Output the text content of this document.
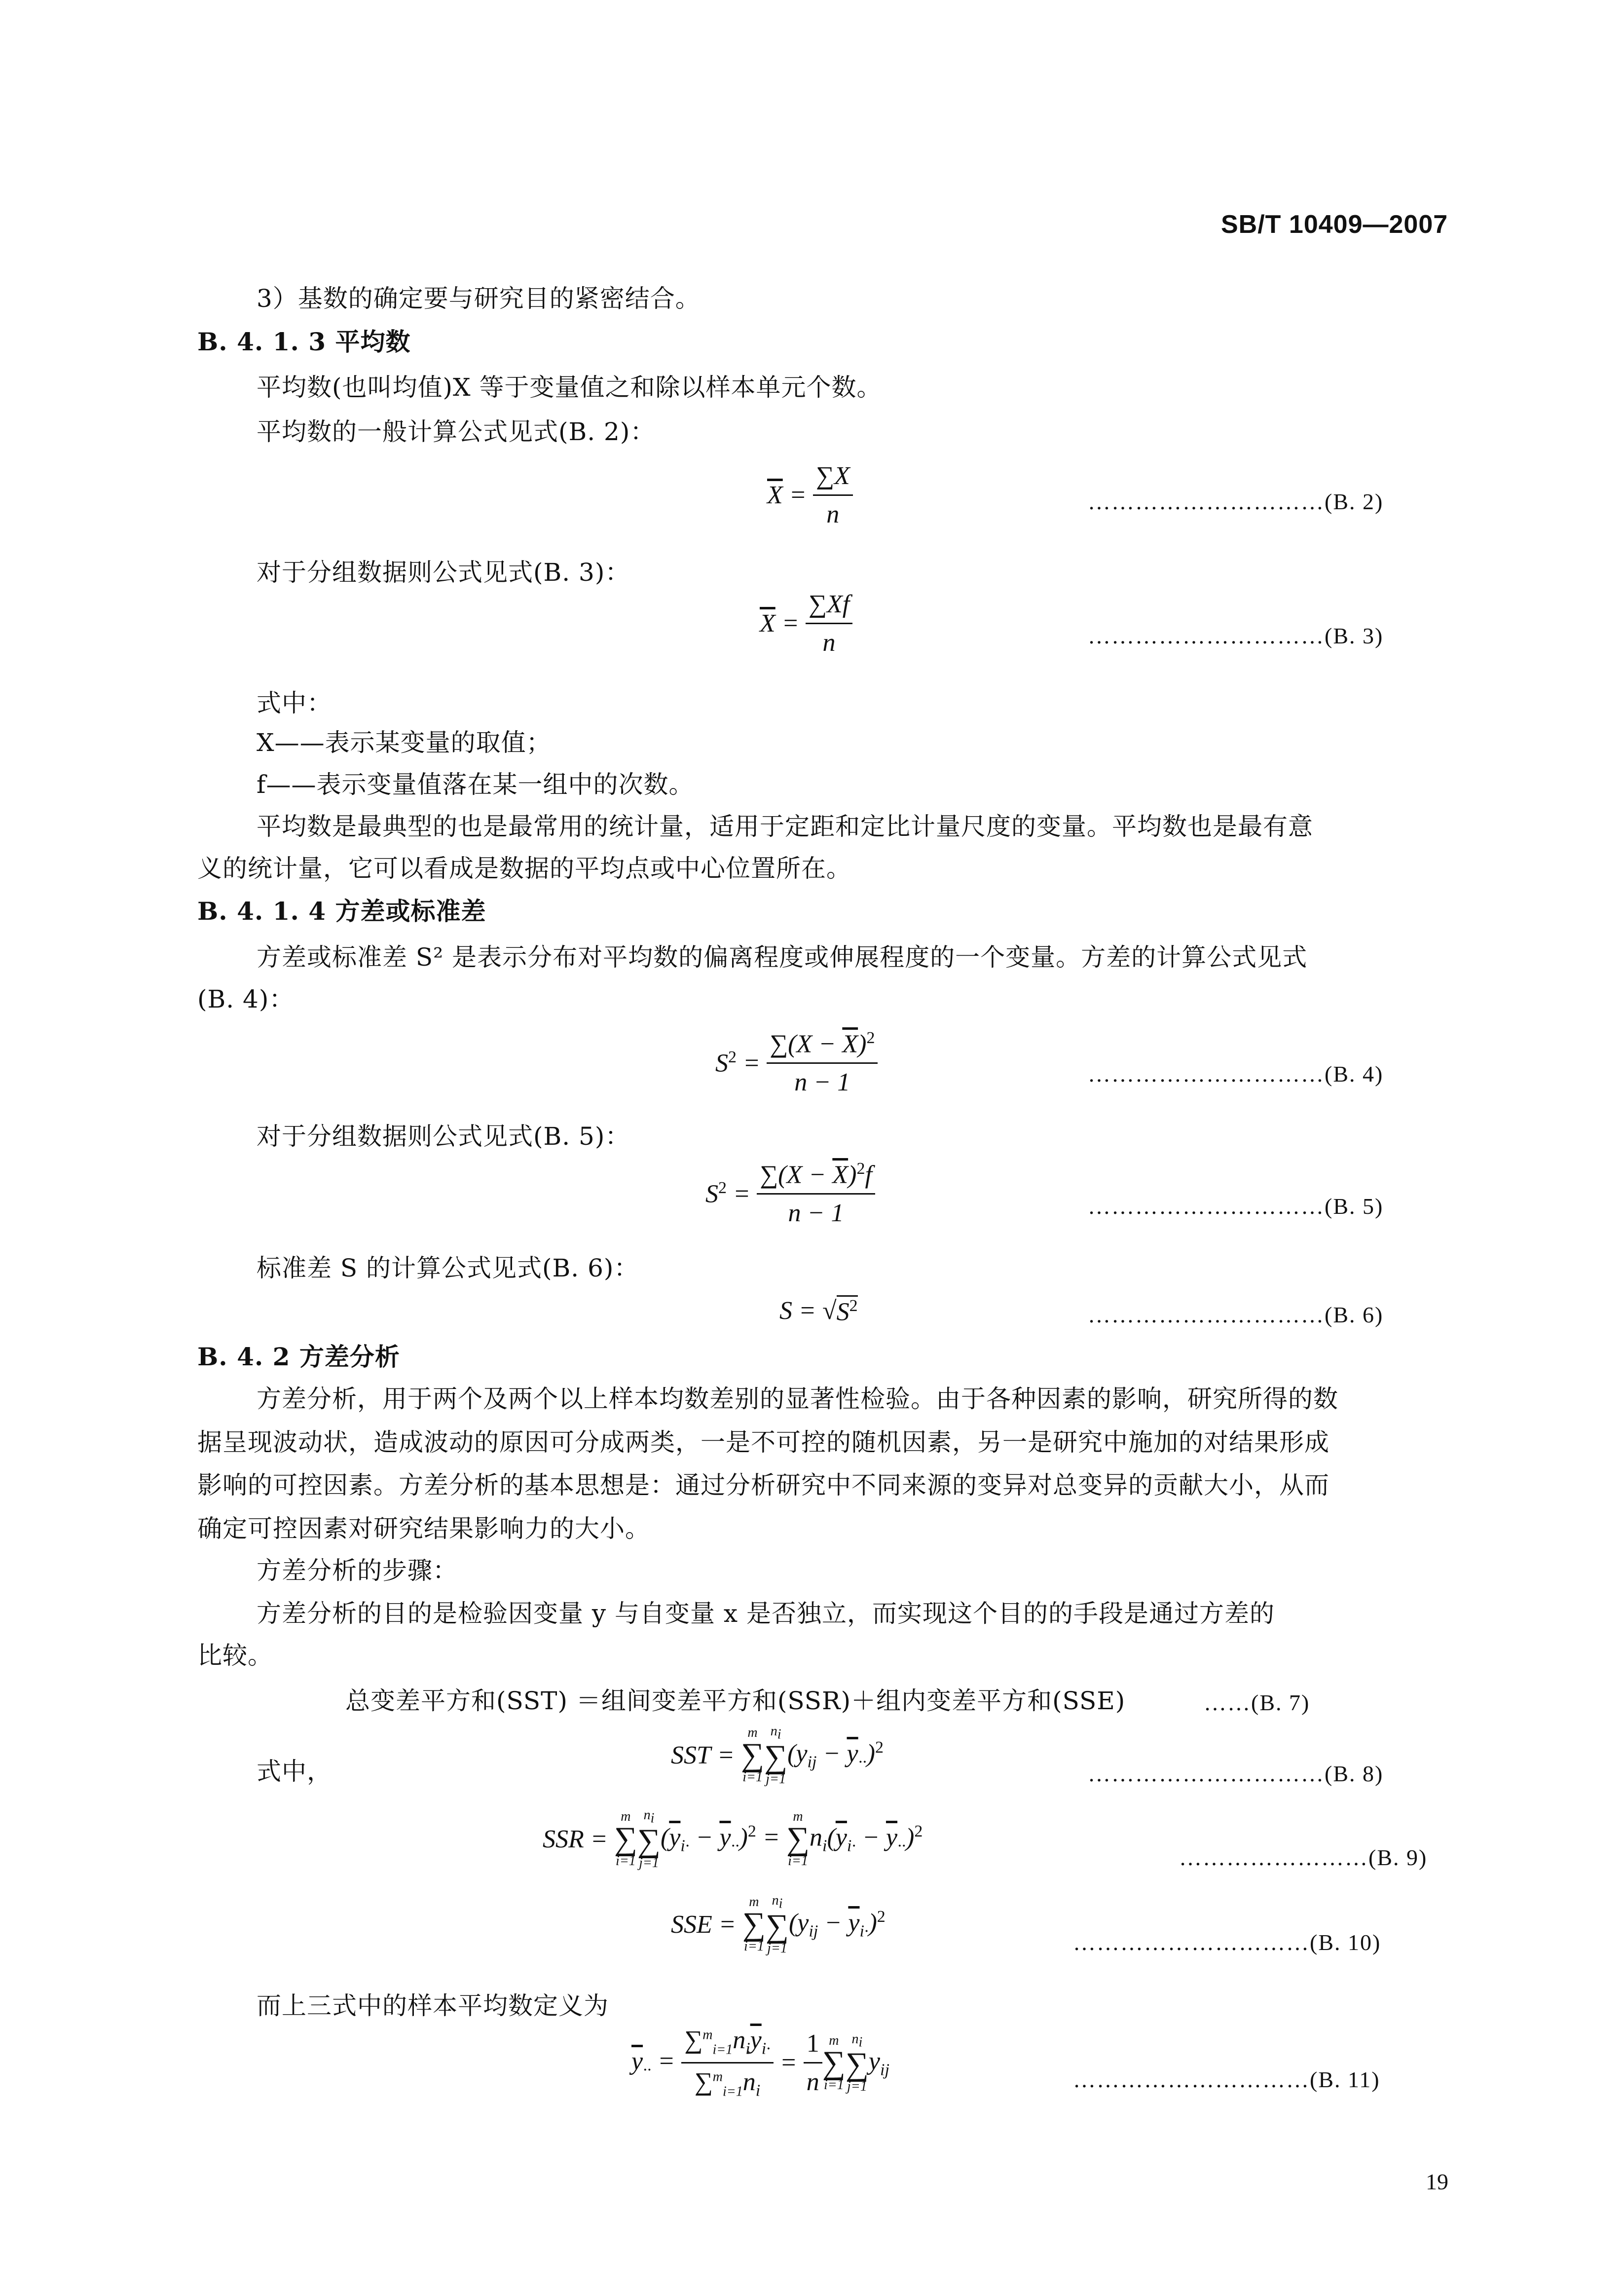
SB/T 10409—2007
3）基数的确定要与研究目的紧密结合。
B. 4. 1. 3 平均数
平均数(也叫均值)X 等于变量值之和除以样本单元个数。
平均数的一般计算公式见式(B. 2)：
$\overline{X} = \frac{\sum X}{n}$	…………………………(B. 2)
对于分组数据则公式见式(B. 3)：
$\overline{X} = \frac{\sum Xf}{n}$	…………………………(B. 3)
式中：
X——表示某变量的取值；
f——表示变量值落在某一组中的次数。
平均数是最典型的也是最常用的统计量，适用于定距和定比计量尺度的变量。平均数也是最有意
义的统计量，它可以看成是数据的平均点或中心位置所在。
B. 4. 1. 4 方差或标准差
方差或标准差 S² 是表示分布对平均数的偏离程度或伸展程度的一个变量。方差的计算公式见式
(B. 4)：
$S^2 = \frac{\sum(X - \overline{X})^2}{n - 1}$	…………………………(B. 4)
对于分组数据则公式见式(B. 5)：
$S^2 = \frac{\sum(X - \overline{X})^2f}{n - 1}$	…………………………(B. 5)
标准差 S 的计算公式见式(B. 6)：
S = √ $S^2$	…………………………(B. 6)
B. 4. 2 方差分析
方差分析，用于两个及两个以上样本均数差别的显著性检验。由于各种因素的影响，研究所得的数
据呈现波动状，造成波动的原因可分成两类，一是不可控的随机因素，另一是研究中施加的对结果形成
影响的可控因素。方差分析的基本思想是：通过分析研究中不同来源的变异对总变异的贡献大小，从而
确定可控因素对研究结果影响力的大小。
方差分析的步骤：
方差分析的目的是检验因变量 y 与自变量 x 是否独立，而实现这个目的的手段是通过方差的
比较。
总变差平方和(SST) ＝组间变差平方和(SSR)＋组内变差平方和(SSE)	……(B. 7)
式中，
SST =
m
∑
i=1
$n_i$
∑
j=1
$(y_{ij} - \overline{y}_{\cdot\cdot})^2$
…………………………(B. 8)
SSR =
m
∑
i=1
$n_i$
∑
j=1
$(\overline{y}_{i\cdot} - \overline{y}_{\cdot\cdot})^2$ =
m
∑
i=1
$n_i(\overline{y}_{i\cdot} - \overline{y}_{\cdot\cdot})^2$
……………………(B. 9)
SSE =
m
∑
i=1
$n_i$
∑
j=1
$(y_{ij} - \overline{y}_{i\cdot})^2$
…………………………(B. 10)
而上三式中的样本平均数定义为
$\overline{y}_{\cdot\cdot} = \frac{\sum^m_{i=1}n_i\overline{y}_{i\cdot}}{\sum^m_{i=1}n_i} = \frac{1}{n}$ m
∑
i=1
$n_i$
∑
j=1
$y_{ij}$	…………………………(B. 11)
19
